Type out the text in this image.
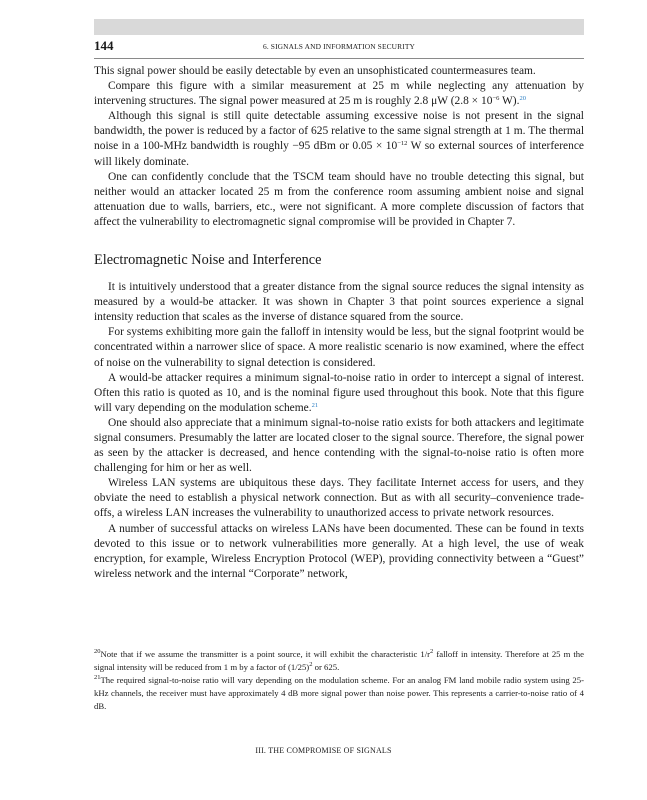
144	6. SIGNALS AND INFORMATION SECURITY

This signal power should be easily detectable by even an unsophisticated countermeasures team.

Compare this figure with a similar measurement at 25 m while neglecting any attenuation by intervening structures. The signal power measured at 25 m is roughly 2.8 μW ($2.8 \times 10^{-6}$ W).$^{20}$

Although this signal is still quite detectable assuming excessive noise is not present in the signal bandwidth, the power is reduced by a factor of 625 relative to the same signal strength at 1 m. The thermal noise in a 100-MHz bandwidth is roughly −95 dBm or $0.05 \times 10^{-12}$ W so external sources of interference will likely dominate.

One can confidently conclude that the TSCM team should have no trouble detecting this signal, but neither would an attacker located 25 m from the conference room assuming ambient noise and signal attenuation due to walls, barriers, etc., were not significant. A more complete discussion of factors that affect the vulnerability to electromagnetic signal compromise will be provided in Chapter 7.

Electromagnetic Noise and Interference

It is intuitively understood that a greater distance from the signal source reduces the signal intensity as measured by a would-be attacker. It was shown in Chapter 3 that point sources experience a signal intensity reduction that scales as the inverse of distance squared from the source.

For systems exhibiting more gain the falloff in intensity would be less, but the signal footprint would be concentrated within a narrower slice of space. A more realistic scenario is now examined, where the effect of noise on the vulnerability to signal detection is considered.

A would-be attacker requires a minimum signal-to-noise ratio in order to intercept a signal of interest. Often this ratio is quoted as 10, and is the nominal figure used throughout this book. Note that this figure will vary depending on the modulation scheme.$^{21}$

One should also appreciate that a minimum signal-to-noise ratio exists for both attackers and legitimate signal consumers. Presumably the latter are located closer to the signal source. Therefore, the signal power as seen by the attacker is decreased, and hence contending with the signal-to-noise ratio is often more challenging for him or her as well.

Wireless LAN systems are ubiquitous these days. They facilitate Internet access for users, and they obviate the need to establish a physical network connection. But as with all security–convenience trade-offs, a wireless LAN increases the vulnerability to unauthorized access to private network resources.

A number of successful attacks on wireless LANs have been documented. These can be found in texts devoted to this issue or to network vulnerabilities more generally. At a high level, the use of weak encryption, for example, Wireless Encryption Protocol (WEP), providing connectivity between a “Guest” wireless network and the internal “Corporate” network,

$^{20}$Note that if we assume the transmitter is a point source, it will exhibit the characteristic $1/r^2$ falloff in intensity. Therefore at 25 m the signal intensity will be reduced from 1 m by a factor of $(1/25)^2$ or 625.

$^{21}$The required signal-to-noise ratio will vary depending on the modulation scheme. For an analog FM land mobile radio system using 25-kHz channels, the receiver must have approximately 4 dB more signal power than noise power. This represents a carrier-to-noise ratio of 4 dB.

III. THE COMPROMISE OF SIGNALS
